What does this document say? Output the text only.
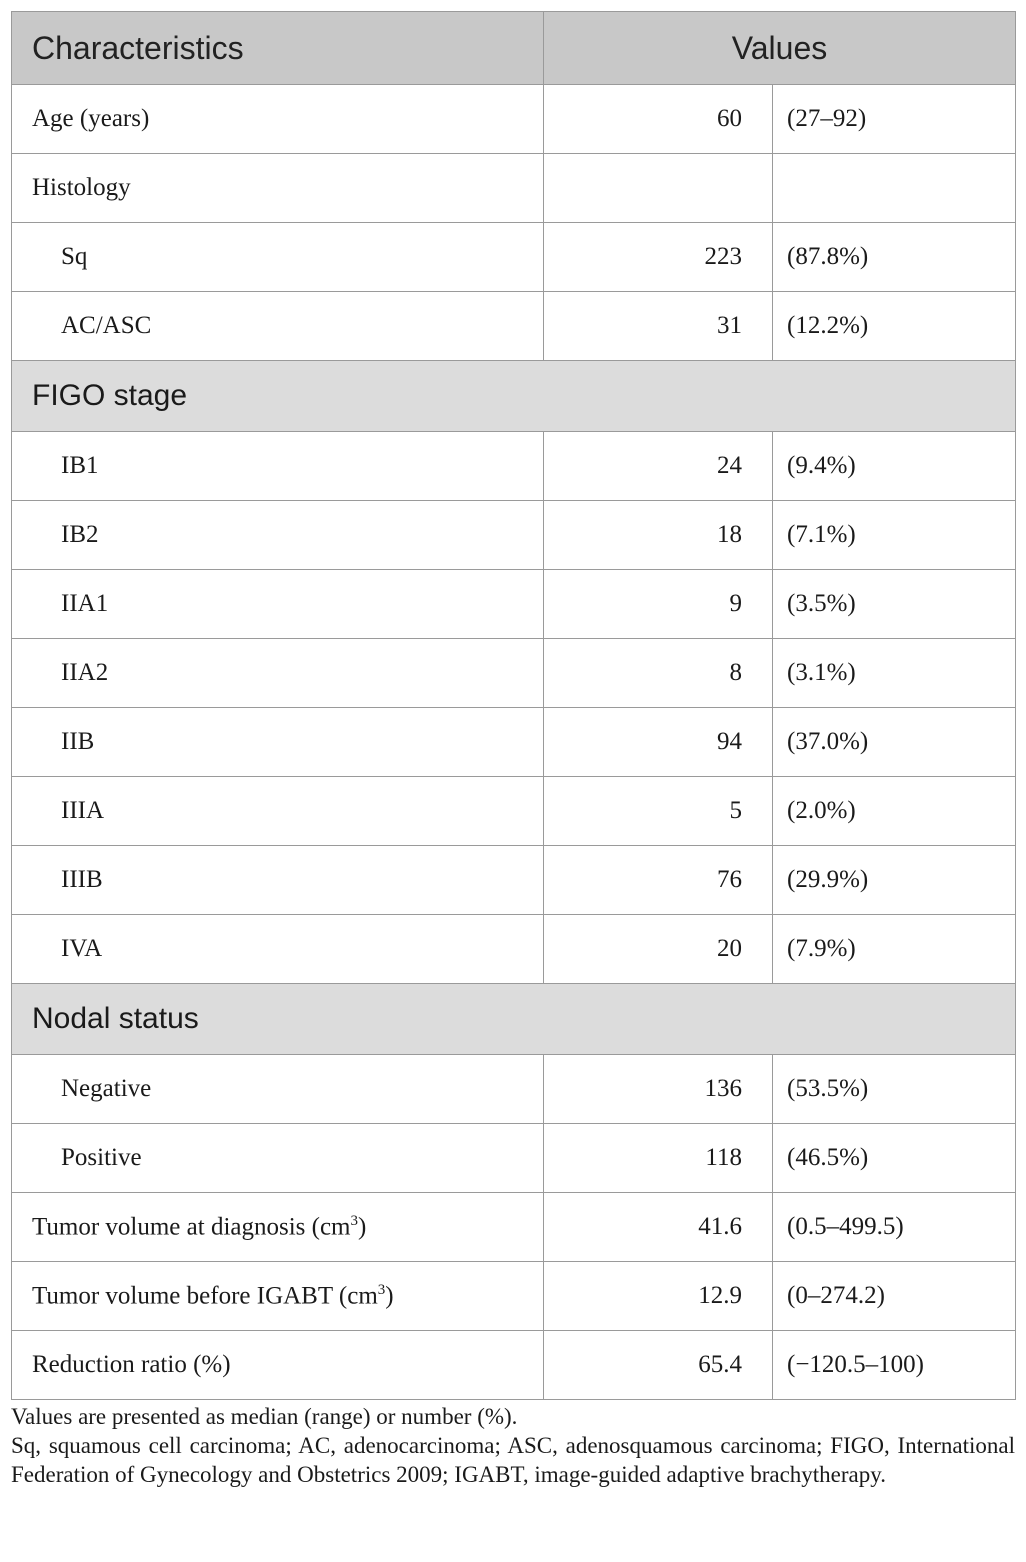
Characteristics	Values	
Age (years)	60	(27–92)
Histology		
Sq	223	(87.8%)
AC/ASC	31	(12.2%)
FIGO stage		
IB1	24	(9.4%)
IB2	18	(7.1%)
IIA1	9	(3.5%)
IIA2	8	(3.1%)
IIB	94	(37.0%)
IIIA	5	(2.0%)
IIIB	76	(29.9%)
IVA	20	(7.9%)
Nodal status		
Negative	136	(53.5%)
Positive	118	(46.5%)
Tumor volume at diagnosis $(cm^3)$	41.6	(0.5–499.5)
Tumor volume before IGABT $(cm^3)$	12.9	(0–274.2)
Reduction ratio (%)	65.4	(−120.5–100)

Values are presented as median (range) or number (%).

Sq, squamous cell carcinoma; AC, adenocarcinoma; ASC, adenosquamous carcinoma; FIGO, International Federation of Gynecology and Obstetrics 2009; IGABT, image-guided adaptive brachytherapy.
